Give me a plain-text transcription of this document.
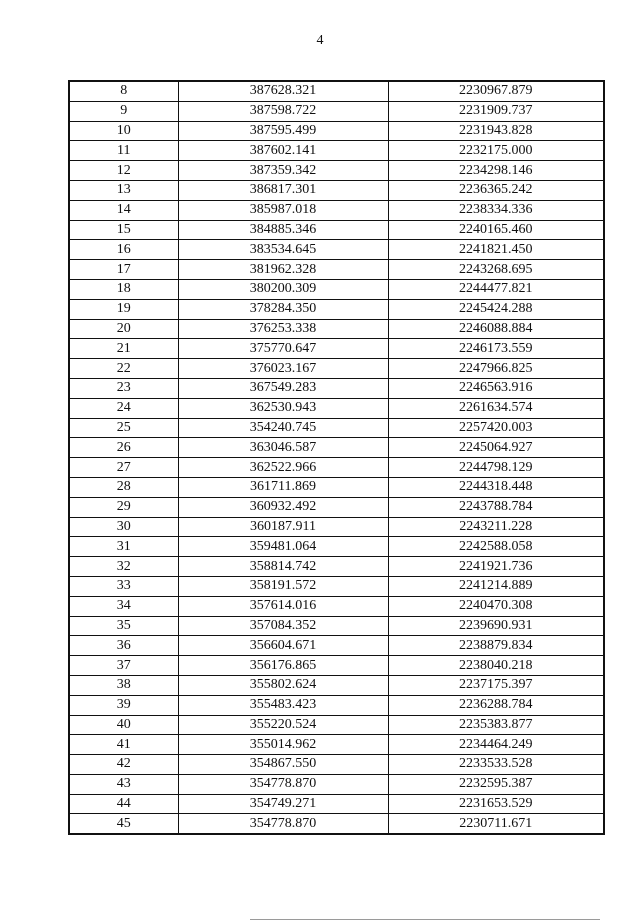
4
8	387628.321	2230967.879
9	387598.722	2231909.737
10	387595.499	2231943.828
11	387602.141	2232175.000
12	387359.342	2234298.146
13	386817.301	2236365.242
14	385987.018	2238334.336
15	384885.346	2240165.460
16	383534.645	2241821.450
17	381962.328	2243268.695
18	380200.309	2244477.821
19	378284.350	2245424.288
20	376253.338	2246088.884
21	375770.647	2246173.559
22	376023.167	2247966.825
23	367549.283	2246563.916
24	362530.943	2261634.574
25	354240.745	2257420.003
26	363046.587	2245064.927
27	362522.966	2244798.129
28	361711.869	2244318.448
29	360932.492	2243788.784
30	360187.911	2243211.228
31	359481.064	2242588.058
32	358814.742	2241921.736
33	358191.572	2241214.889
34	357614.016	2240470.308
35	357084.352	2239690.931
36	356604.671	2238879.834
37	356176.865	2238040.218
38	355802.624	2237175.397
39	355483.423	2236288.784
40	355220.524	2235383.877
41	355014.962	2234464.249
42	354867.550	2233533.528
43	354778.870	2232595.387
44	354749.271	2231653.529
45	354778.870	2230711.671
